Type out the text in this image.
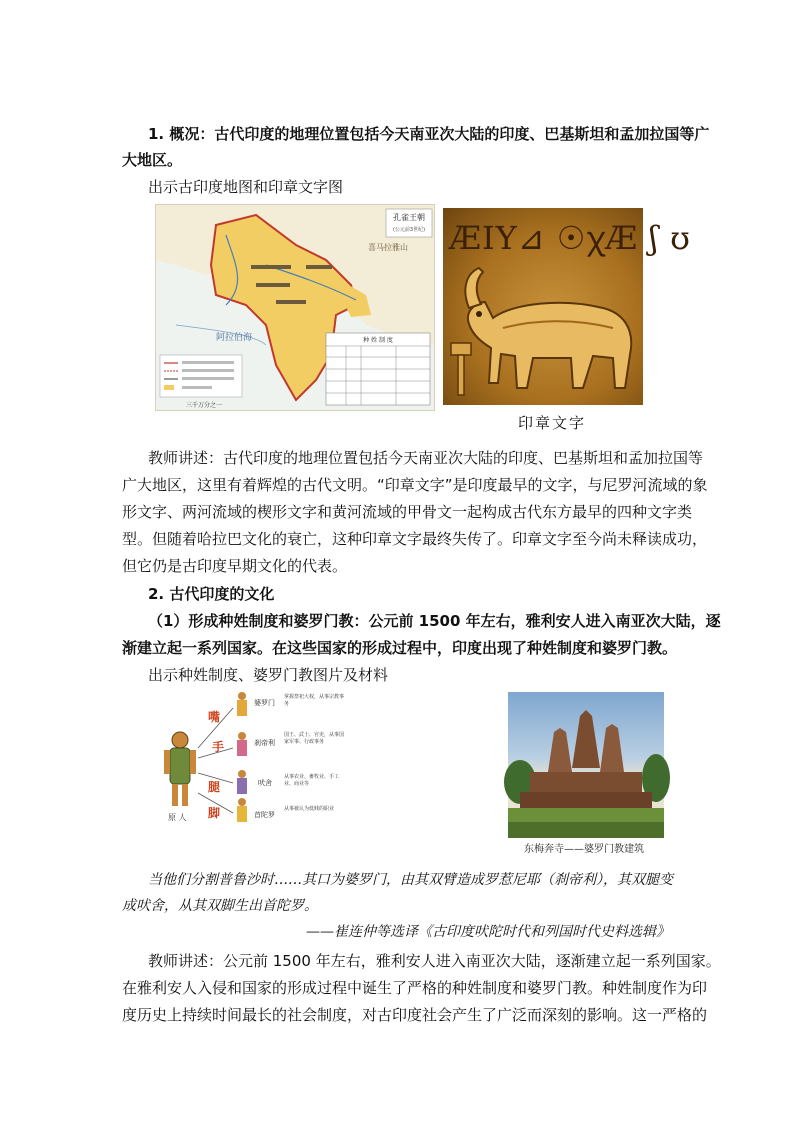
1. 概况：古代印度的地理位置包括今天南亚次大陆的印度、巴基斯坦和孟加拉国等广
大地区。
出示古印度地图和印章文字图
阿拉伯海
喜马拉雅山
孔雀王朝
(公元前3世纪)
三千万分之一
种 姓 制 度
ÆIY⊿ ☉ꭓÆ ʃ ʊ
印章文字
教师讲述：古代印度的地理位置包括今天南亚次大陆的印度、巴基斯坦和孟加拉国等
广大地区，这里有着辉煌的古代文明。“印章文字”是印度最早的文字，与尼罗河流域的象
形文字、两河流域的楔形文字和黄河流域的甲骨文一起构成古代东方最早的四种文字类
型。但随着哈拉巴文化的衰亡，这种印章文字最终失传了。印章文字至今尚未释读成功，
但它仍是古印度早期文化的代表。
2. 古代印度的文化
（1）形成种姓制度和婆罗门教：公元前 1500 年左右，雅利安人进入南亚次大陆，逐
渐建立起一系列国家。在这些国家的形成过程中，印度出现了种姓制度和婆罗门教。
出示种姓制度、婆罗门教图片及材料
嘴
手
腿
脚
原 人
婆罗门
掌握祭祀大权，从事宗教事务
刹帝利
国王、武士、官吏，从事国家军事、行政事务
吠舍
从事农业、畜牧业、手工业、商业等
首陀罗
从事被认为低贱的职业
东梅奔寺——婆罗门教建筑
当他们分割普鲁沙时……其口为婆罗门，由其双臂造成罗惹尼耶（刹帝利），其双腿变
成吠舍，从其双脚生出首陀罗。
——崔连仲等选译《古印度吠陀时代和列国时代史料选辑》
教师讲述：公元前 1500 年左右，雅利安人进入南亚次大陆，逐渐建立起一系列国家。
在雅利安人入侵和国家的形成过程中诞生了严格的种姓制度和婆罗门教。种姓制度作为印
度历史上持续时间最长的社会制度，对古印度社会产生了广泛而深刻的影响。这一严格的
